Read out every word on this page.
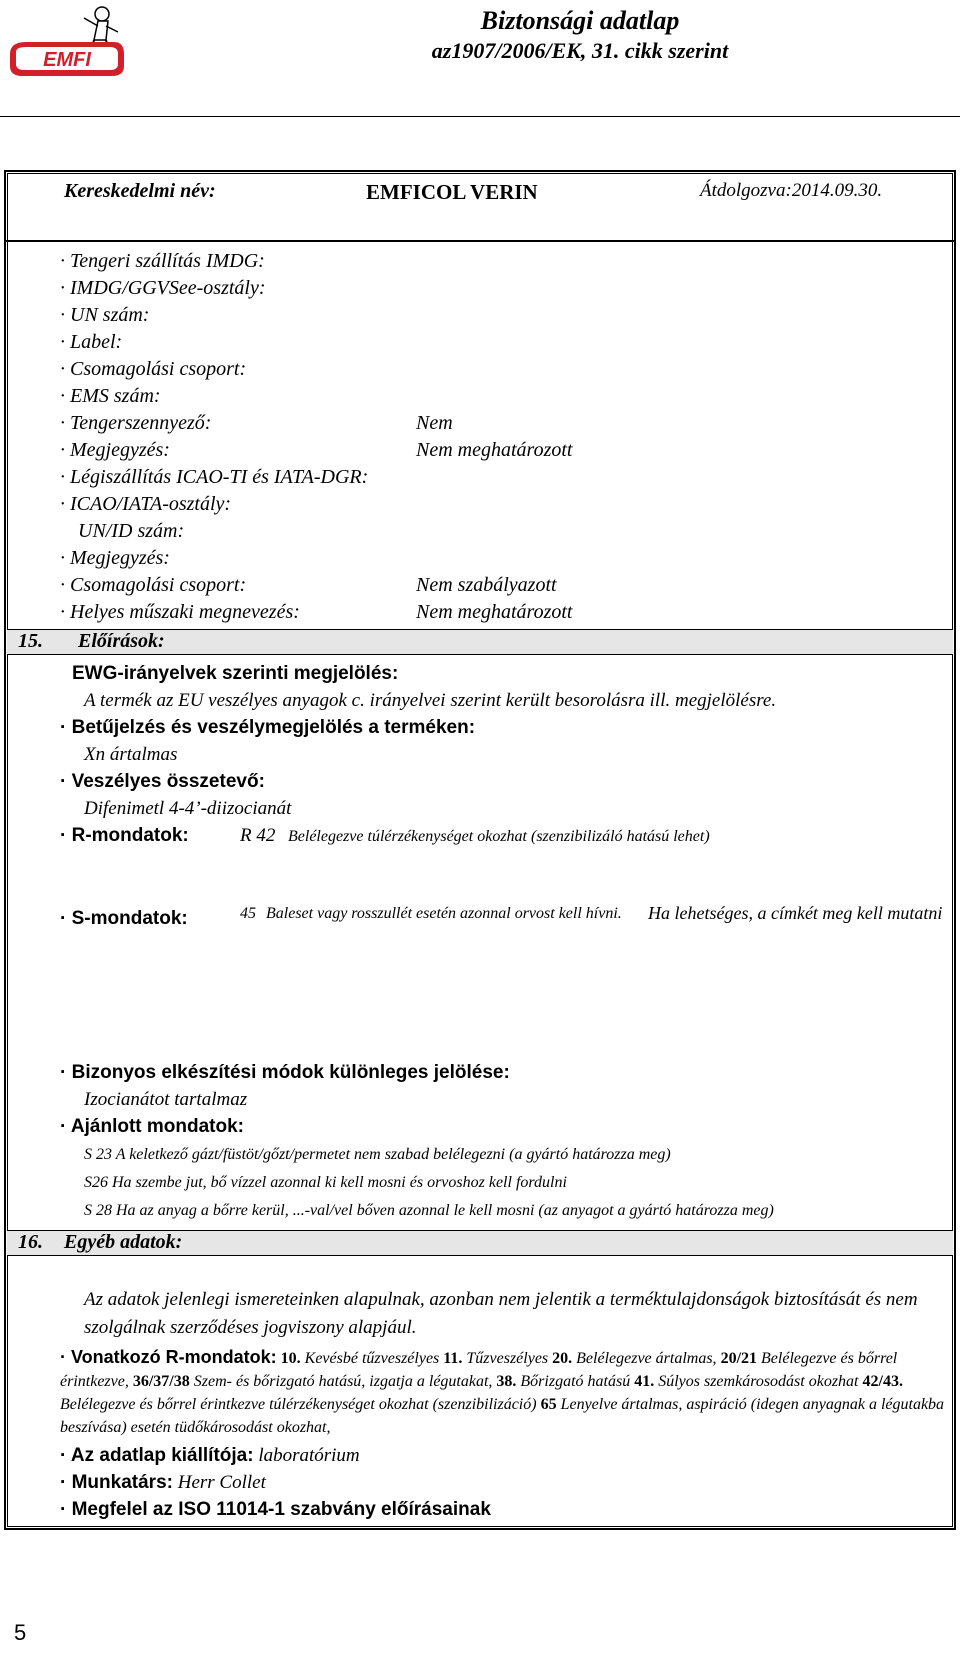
EMFI
Biztonsági adatlap
az1907/2006/EK, 31. cikk szerint
Kereskedelmi név:	EMFICOL VERIN	Átdolgozva:2014.09.30.
· Tengeri szállítás IMDG:
· IMDG/GGVSee-osztály:
· UN szám:
· Label:
· Csomagolási csoport:
· EMS szám:
· Tengerszennyező:	Nem
· Megjegyzés:	Nem meghatározott
· Légiszállítás ICAO-TI és IATA-DGR:
· ICAO/IATA-osztály:
UN/ID szám:
· Megjegyzés:
· Csomagolási csoport:	Nem szabályazott
· Helyes műszaki megnevezés:	Nem meghatározott
15. Előírások:
EWG-irányelvek szerinti megjelölés:
A termék az EU veszélyes anyagok c. irányelvei szerint került besorolásra ill. megjelölésre.
· Betűjelzés és veszélymegjelölés a terméken:
Xn ártalmas
· Veszélyes összetevő:
Difenimetl 4-4’-diizocianát
· R-mondatok:	R 42 Belélegezve túlérzékenységet okozhat (szenzibilizáló hatású lehet)
· S-mondatok:	45 Baleset vagy rosszullét esetén azonnal orvost kell hívni. Ha lehetséges, a címkét meg kell mutatni
· Bizonyos elkészítési módok különleges jelölése:
Izocianátot tartalmaz
· Ajánlott mondatok:
S 23 A keletkező gázt/füstöt/gőzt/permetet nem szabad belélegezni (a gyártó határozza meg)
S26 Ha szembe jut, bő vízzel azonnal ki kell mosni és orvoshoz kell fordulni
S 28 Ha az anyag a bőrre kerül, ...-val/vel bőven azonnal le kell mosni (az anyagot a gyártó határozza meg)
16. Egyéb adatok:
Az adatok jelenlegi ismereteinken alapulnak, azonban nem jelentik a terméktulajdonságok biztosítását és nem szolgálnak szerződéses jogviszony alapjául.
· Vonatkozó R-mondatok: 10. Kevésbé tűzveszélyes 11. Tűzveszélyes 20. Belélegezve ártalmas, 20/21 Belélegezve és bőrrel érintkezve, 36/37/38 Szem- és bőrizgató hatású, izgatja a légutakat, 38. Bőrizgató hatású 41. Súlyos szemkárosodást okozhat 42/43. Belélegezve és bőrrel érintkezve túlérzékenységet okozhat (szenzibilizáció) 65 Lenyelve ártalmas, aspiráció (idegen anyagnak a légutakba beszívása) esetén tüdőkárosodást okozhat,
· Az adatlap kiállítója: laboratórium
· Munkatárs: Herr Collet
· Megfelel az ISO 11014-1 szabvány előírásainak
5
